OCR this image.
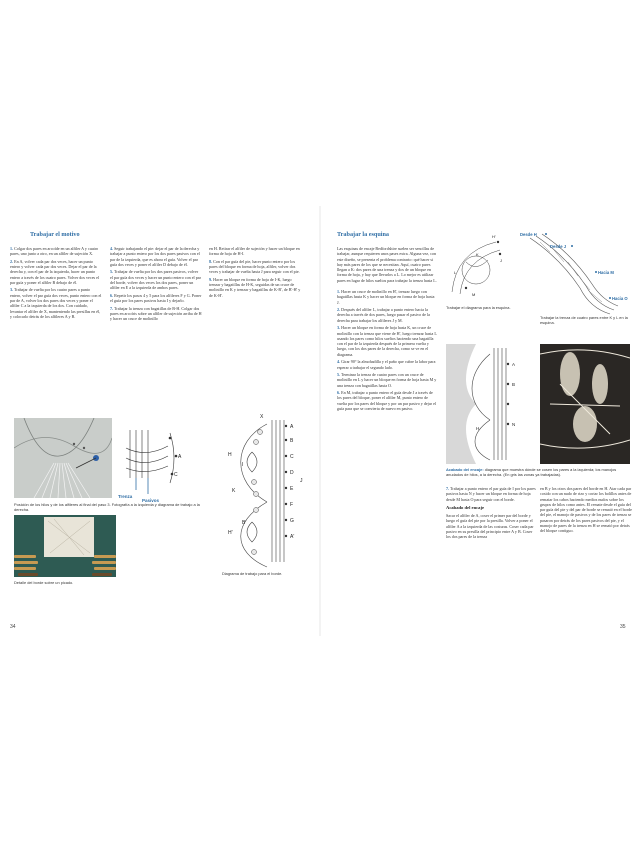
Trabajar el motivo

1. Colgar dos pares en arcoíde en un alfiler A y cuatro pares, uno junto a otro, en un alfiler de sujeción X.

2. En A, volver cada par dos veces, hacer un punto entero y volver cada par dos veces. Dejar el par de la derecha y, con el par de la izquierda, hacer un punto entero a través de los cuatro pares. Volver dos veces el par guía y poner el alfiler B debajo de él.

3. Trabajar de vuelta por los cuatro pares a punto entero, volver el par guía dos veces, punto entero con el par de A, volver los dos pares dos veces y poner el alfiler C a la izquierda de los dos. Con cuidado, levantar el alfiler de X, manteniendo las presillas en él, y colocarlo detrás de los alfileres A y B.

4. Seguir trabajando el pie: dejar el par de la derecha y trabajar a punto entero por los dos pares pasivos con el par de la izquierda, que es ahora el guía. Volver el par guía dos veces y poner el alfiler D debajo de él.

5. Trabajar de vuelta por los dos pares pasivos, volver el par guía dos veces y hacer un punto entero con el par del borde, volver dos veces los dos pares, poner un alfiler en E a la izquierda de ambos pares.

6. Repetir los pasos 4 y 5 para los alfileres F y G. Poner el guía por los pares pasivos hasta I y dejarlo.

7. Trabajar la trenza con bagatillas de B-H. Colgar dos pares en arcoíris sobre un alfiler de sujeción arriba de H y hacer un cruce de molinillo

en H. Retirar el alfiler de sujeción y hacer un bloque en forma de hoja de H-I.

8. Con el par guía del pie, hacer punto entero por los pares del bloque en forma de hoja, alfiler, volver dos veces y trabajar de vuelta hasta J para seguir con el pie.

9. Hacer un bloque en forma de hoja de I-K, luego trenzar y bagatillas de H-K, seguidas de un cruce de molinillo en K y trenzar y bagatillas de K-B', de B'-H' y de K-H'.

A
C
Trenza
Pasivos
X
A
B
C
D
E
F
G
H
I
J
K
B'
H'
A'
Posición de los hilos y de los alfileres al final del paso 3. Fotografía a la izquierda y diagrama de trabajo a la derecha.
Detalle del borde sobre un picado.
Diagrama de trabajo para el borde.
34
Trabajar la esquina

Las esquinas de encaje Bedfordshire suelen ser sencillas de trabajar, aunque requieren unos pases extra. Alguna vez, con este diseño, se presenta el problema contrario: qué hacer si hay más pares de los que se necesitan. Aquí, cuatro pares llegan a K: dos pares de una trenza y dos de un bloque en forma de hoja, y hay que llevarlos a L. Lo mejor es utilizar pares en lugar de hilos sueltos para trabajar la trenza hasta L.

1. Hacer un cruce de molinillo en H', trenzar luego con bagatillas hasta K y hacer un bloque en forma de hoja hasta J.

2. Después del alfiler L, trabajar a punto entero hacia la derecha a través de dos pares, luego pasar el pasivo de la derecha para trabajar los alfileres J y M.

3. Hacer un bloque en forma de hoja hasta K, un cruce de molinillo con la trenza que viene de H', luego trenzar hasta L usando los pares como hilos sueltos haciendo una bagatilla con el par de la izquierda después de la primera vuelta y luego, con los dos pares de la derecha, como se ve en el diagrama.

4. Girar 90° la almohadilla y el paño que cubre la labor para esperar a trabajar el segundo lado.

5. Terminar la trenza de cuatro pares con un cruce de molinillo en L y hacer un bloque en forma de hoja hasta M y una trenza con bagatillas hasta O.

6. En M, trabajar a punto entero el guía desde J a través de los pares del bloque, poner el alfiler M, punto entero de vuelta por los pares del bloque y por un par pasivo y dejar el guía para que se convierta de nuevo en pasivo.

H'
K
J
L
M
Trabajar el diagrama para la esquina.
Desde H
Desde J
Hacia M
Hacia O
Trabajar la trenza de cuatro pares entre K y L en la esquina.
A
B
H
N
Acabado del encaje: diagrama que muestra dónde se cosen los pares a la izquierda; los manojos anudados de hilos, a la derecha. (En gris las zonas ya trabajadas).

7. Trabajar a punto entero el par guía de I por los pares pasivos hasta N y hacer un bloque en forma de hoja desde M hasta O para seguir con el borde.

Acabado del encaje

Sacar el alfiler de A, coser el primer par del borde y luego el guía del pie por la presilla. Volver a poner el alfiler A a la izquierda de las costuras. Coser cada par pasivo en su presilla del principio entre A y B. Coser los dos pares de la trenza

en B y los otros dos pares del borde en H. Atar cada par cosido con un nudo de rizo y cortar los bolillos antes de rematar los cabos haciendo medios nudos sobre los grupos de hilos como antes. El remate desde el guía del par guía del pie y del par de borde se remató en el borde del pie, el manojo de pasivos y de los pares de trenza se pasaron por detrás de los pares pasivos del pie, y el manojo de pares de la trenza en H se remató por detrás del bloque contiguo.

35
